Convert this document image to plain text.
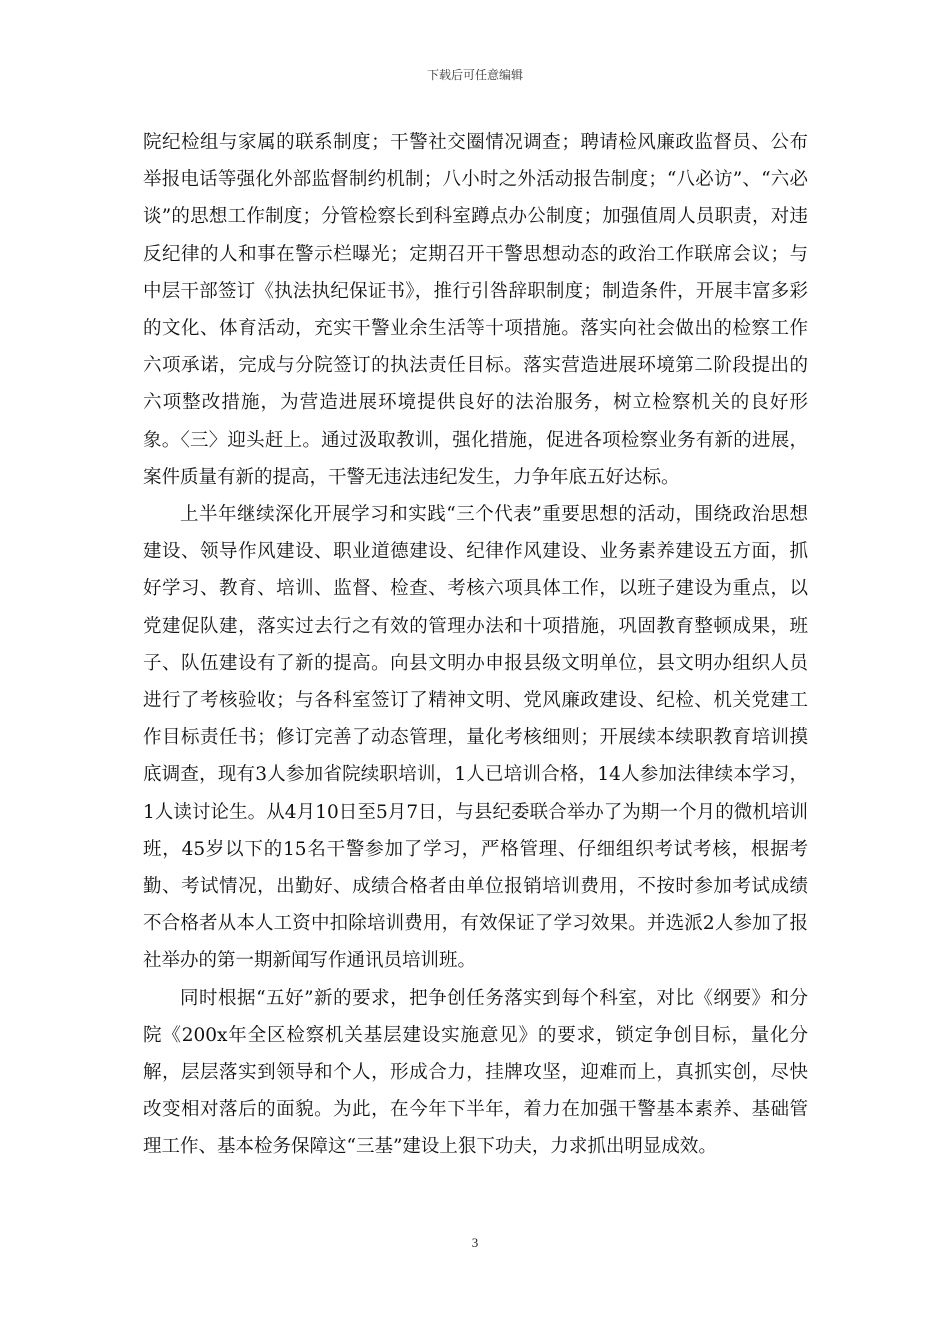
下载后可任意编辑

院纪检组与家属的联系制度；干警社交圈情况调查；聘请检风廉政监督员、公布举报电话等强化外部监督制约机制；八小时之外活动报告制度；“八必访”、“六必谈”的思想工作制度；分管检察长到科室蹲点办公制度；加强值周人员职责，对违反纪律的人和事在警示栏曝光；定期召开干警思想动态的政治工作联席会议；与中层干部签订《执法执纪保证书》，推行引咎辞职制度；制造条件，开展丰富多彩的文化、体育活动，充实干警业余生活等十项措施。落实向社会做出的检察工作六项承诺，完成与分院签订的执法责任目标。落实营造进展环境第二阶段提出的六项整改措施，为营造进展环境提供良好的法治服务，树立检察机关的良好形象。〈三〉迎头赶上。通过汲取教训，强化措施，促进各项检察业务有新的进展，案件质量有新的提高，干警无违法违纪发生，力争年底五好达标。

上半年继续深化开展学习和实践“三个代表”重要思想的活动，围绕政治思想建设、领导作风建设、职业道德建设、纪律作风建设、业务素养建设五方面，抓好学习、教育、培训、监督、检查、考核六项具体工作，以班子建设为重点，以党建促队建，落实过去行之有效的管理办法和十项措施，巩固教育整顿成果，班子、队伍建设有了新的提高。向县文明办申报县级文明单位，县文明办组织人员进行了考核验收；与各科室签订了精神文明、党风廉政建设、纪检、机关党建工作目标责任书；修订完善了动态管理，量化考核细则；开展续本续职教育培训摸底调查，现有3人参加省院续职培训，1人已培训合格，14人参加法律续本学习，1人读讨论生。从4月10日至5月7日，与县纪委联合举办了为期一个月的微机培训班，45岁以下的15名干警参加了学习，严格管理、仔细组织考试考核，根据考勤、考试情况，出勤好、成绩合格者由单位报销培训费用，不按时参加考试成绩不合格者从本人工资中扣除培训费用，有效保证了学习效果。并选派2人参加了报社举办的第一期新闻写作通讯员培训班。

同时根据“五好”新的要求，把争创任务落实到每个科室，对比《纲要》和分院《200x年全区检察机关基层建设实施意见》的要求，锁定争创目标，量化分解，层层落实到领导和个人，形成合力，挂牌攻坚，迎难而上，真抓实创，尽快改变相对落后的面貌。为此，在今年下半年，着力在加强干警基本素养、基础管理工作、基本检务保障这“三基”建设上狠下功夫，力求抓出明显成效。

3
